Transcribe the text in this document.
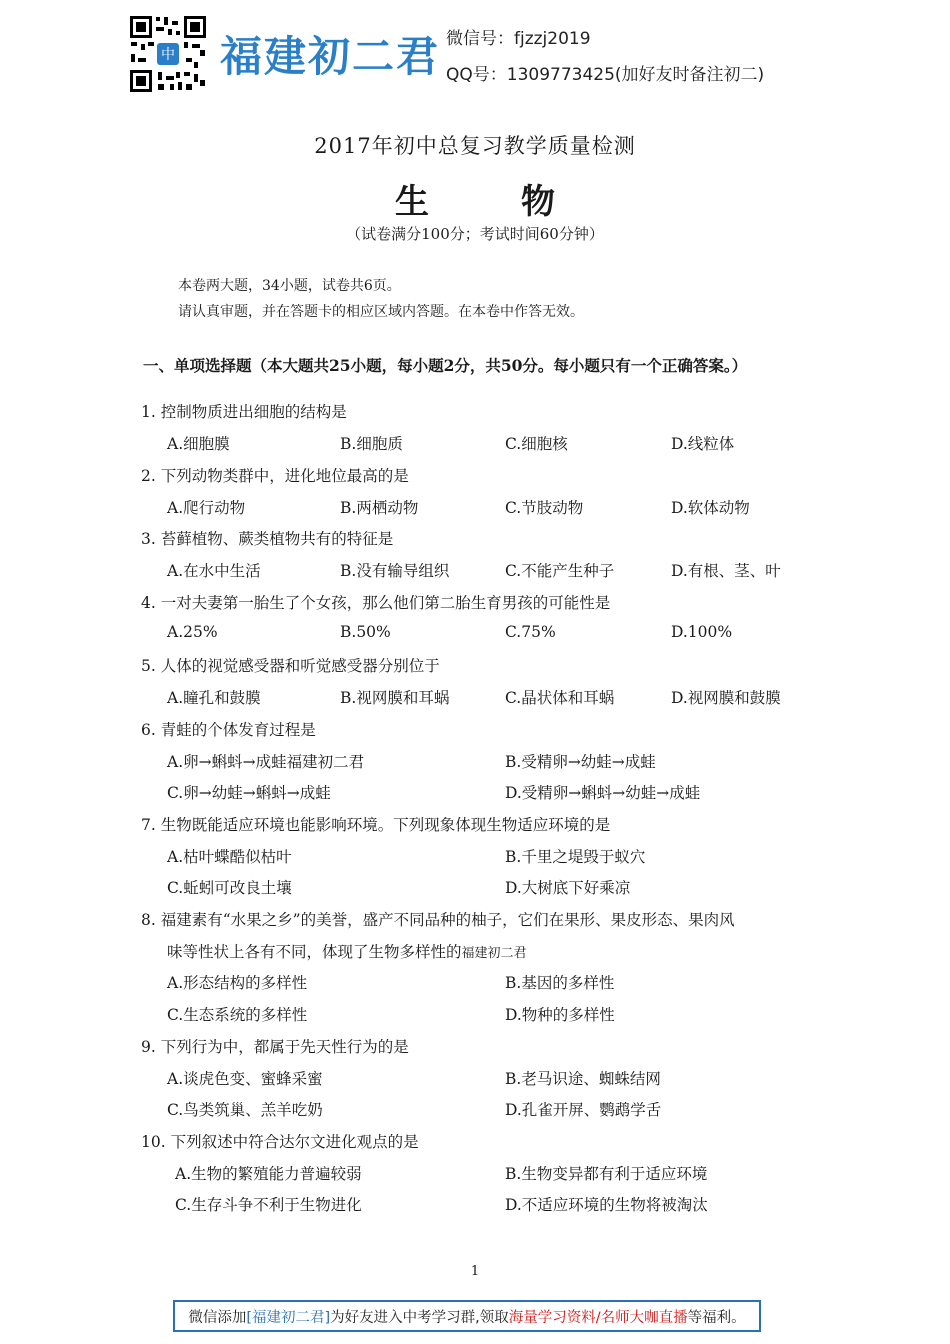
中 福建初二君 微信号：fjzzj2019
QQ号：1309773425(加好友时备注初二)
2017年初中总复习教学质量检测
生	物
（试卷满分100分；考试时间60分钟）
本卷两大题，34小题，试卷共6页。
请认真审题，并在答题卡的相应区域内答题。在本卷中作答无效。
一、单项选择题（本大题共25小题，每小题2分，共50分。每小题只有一个正确答案。）
1. 控制物质进出细胞的结构是
A.细胞膜	B.细胞质	C.细胞核	D.线粒体
2. 下列动物类群中，进化地位最高的是
A.爬行动物	B.两栖动物	C.节肢动物	D.软体动物
3. 苔藓植物、蕨类植物共有的特征是
A.在水中生活	B.没有输导组织	C.不能产生种子	D.有根、茎、叶
4. 一对夫妻第一胎生了个女孩，那么他们第二胎生育男孩的可能性是
A.25%	B.50%	C.75%	D.100%
5. 人体的视觉感受器和听觉感受器分别位于
A.瞳孔和鼓膜	B.视网膜和耳蜗	C.晶状体和耳蜗	D.视网膜和鼓膜
6. 青蛙的个体发育过程是
A.卵→蝌蚪→成蛙福建初二君	B.受精卵→幼蛙→成蛙
C.卵→幼蛙→蝌蚪→成蛙	D.受精卵→蝌蚪→幼蛙→成蛙
7. 生物既能适应环境也能影响环境。下列现象体现生物适应环境的是
A.枯叶蝶酷似枯叶	B.千里之堤毁于蚁穴
C.蚯蚓可改良土壤	D.大树底下好乘凉
8. 福建素有“水果之乡”的美誉，盛产不同品种的柚子，它们在果形、果皮形态、果肉风
味等性状上各有不同，体现了生物多样性的福建初二君
A.形态结构的多样性	B.基因的多样性
C.生态系统的多样性	D.物种的多样性
9. 下列行为中，都属于先天性行为的是
A.谈虎色变、蜜蜂采蜜	B.老马识途、蜘蛛结网
C.鸟类筑巢、羔羊吃奶	D.孔雀开屏、鹦鹉学舌
10. 下列叙述中符合达尔文进化观点的是
A.生物的繁殖能力普遍较弱	B.生物变异都有利于适应环境
C.生存斗争不利于生物进化	D.不适应环境的生物将被淘汰
1
微信添加 [福建初二君] 为好友进入中考学习群,领取 海量学习资料/名师大咖直播 等福利。
